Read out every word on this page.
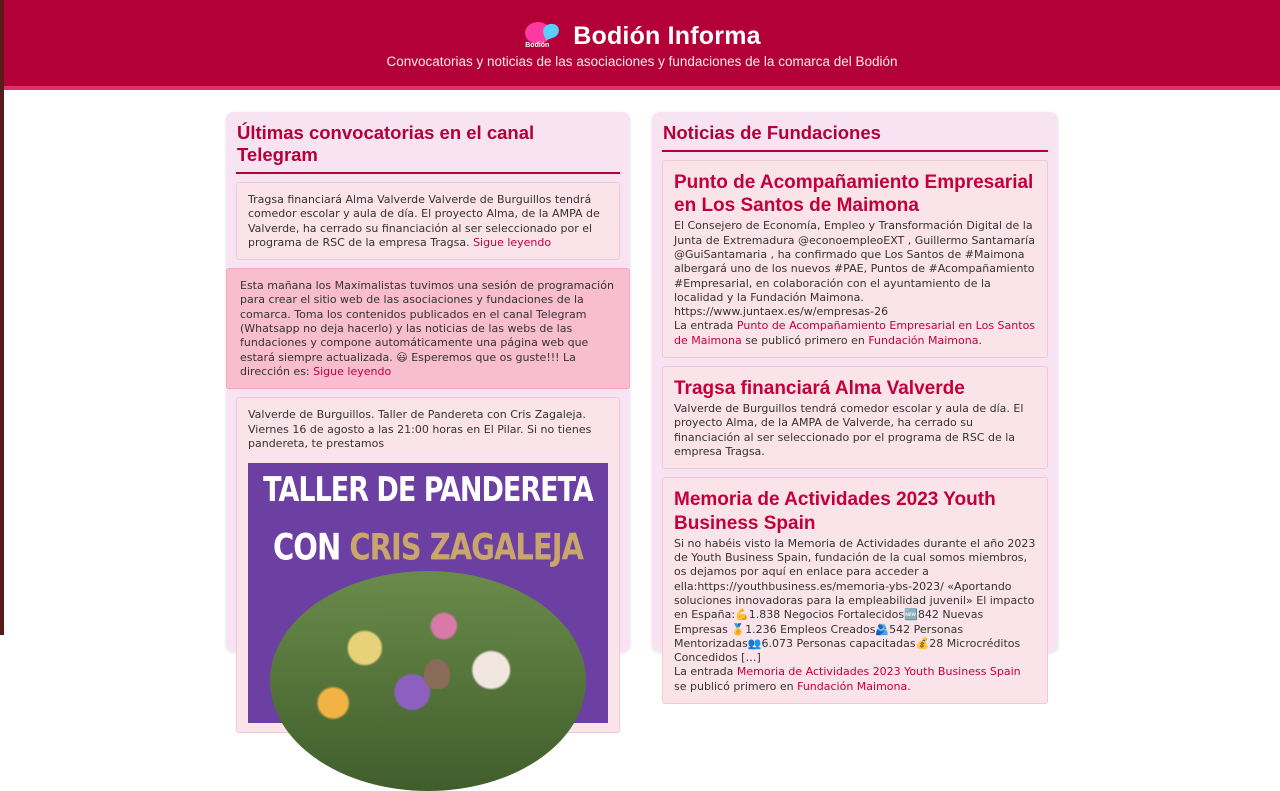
Bodión Bodión Informa
Convocatorias y noticias de las asociaciones y fundaciones de la comarca del Bodión
Últimas convocatorias en el canal Telegram
Tragsa financiará Alma Valverde Valverde de Burguillos tendrá comedor escolar y aula de día. El proyecto Alma, de la AMPA de Valverde, ha cerrado su financiación al ser seleccionado por el programa de RSC de la empresa Tragsa. Sigue leyendo
Esta mañana los Maximalistas tuvimos una sesión de programación para crear el sitio web de las asociaciones y fundaciones de la comarca. Toma los contenidos publicados en el canal Telegram (Whatsapp no deja hacerlo) y las noticias de las webs de las fundaciones y compone automáticamente una página web que estará siempre actualizada. 😃 Esperemos que os guste!!! La dirección es: Sigue leyendo
Valverde de Burguillos. Taller de Pandereta con Cris Zagaleja. Viernes 16 de agosto a las 21:00 horas en El Pilar. Si no tienes pandereta, te prestamos
TALLER DE PANDERETA
CON CRIS ZAGALEJA
Noticias de Fundaciones
Punto de Acompañamiento Empresarial en Los Santos de Maimona

El Consejero de Economía, Empleo y Transformación Digital de la Junta de Extremadura @econoempleoEXT , Guillermo Santamaría @GuiSantamaria , ha confirmado que Los Santos de #Maimona albergará uno de los nuevos #PAE, Puntos de #Acompañamiento #Empresarial, en colaboración con el ayuntamiento de la localidad y la Fundación Maimona. https://www.juntaex.es/w/empresas-26

La entrada Punto de Acompañamiento Empresarial en Los Santos de Maimona se publicó primero en Fundación Maimona.

Tragsa financiará Alma Valverde

Valverde de Burguillos tendrá comedor escolar y aula de día. El proyecto Alma, de la AMPA de Valverde, ha cerrado su financiación al ser seleccionado por el programa de RSC de la empresa Tragsa.

Memoria de Actividades 2023 Youth Business Spain

Si no habéis visto la Memoria de Actividades durante el año 2023 de Youth Business Spain, fundación de la cual somos miembros, os dejamos por aquí en enlace para acceder a ella:https://youthbusiness.es/memoria-ybs-2023/ «Aportando soluciones innovadoras para la empleabilidad juvenil» El impacto en España:💪1.838 Negocios Fortalecidos🆕842 Nuevas Empresas 🏅1.236 Empleos Creados🫂542 Personas Mentorizadas👥6.073 Personas capacitadas💰28 Microcréditos Concedidos […]

La entrada Memoria de Actividades 2023 Youth Business Spain se publicó primero en Fundación Maimona.
